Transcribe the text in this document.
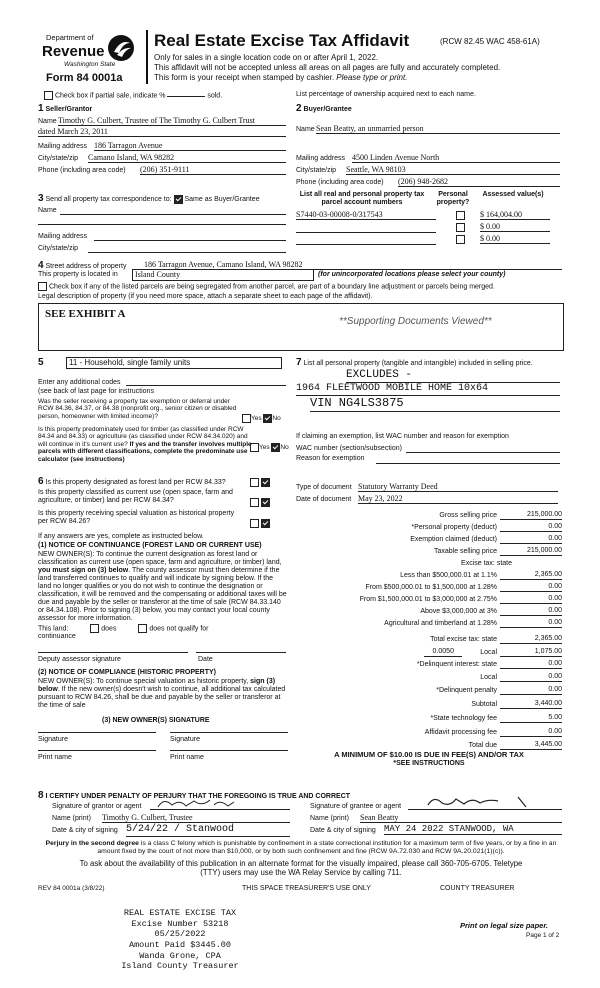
Department of
Revenue
Washington State
Form 84 0001a
Real Estate Excise Tax Affidavit	(RCW 82.45 WAC 458-61A)
Only for sales in a single location code on or after April 1, 2022.
This affidavit will not be accepted unless all areas on all pages are fully and accurately completed.
This form is your receipt when stamped by cashier. Please type or print.
Check box if partial sale, indicate %	sold.	List percentage of ownership acquired next to each name.
1 Seller/Grantor
Name Timothy G. Culbert, Trustee of The Timothy G. Culbert Trust
dated March 23, 2011
Mailing address 186 Tarragon Avenue
City/state/zip Camano Island, WA 98282
Phone (including area code) (206) 351-9111
2 Buyer/Grantee
Name Sean Beatty, an unmarried person
Mailing address 4500 Linden Avenue North
City/state/zip Seattle, WA 98103
Phone (including area code) (206) 948-2682
3 Send all property tax correspondence to: Same as Buyer/Grantee
Name
Mailing address
City/state/zip
List all real and personal property tax parcel account numbers
Personal property?
Assessed value(s)
S7440-03-00008-0/317543	$ 164,004.00
$ 0.00
$ 0.00
4 Street address of property	186 Tarragon Avenue, Camano Island, WA 98282
This property is located in	Island County	(for unincorporated locations please select your county)
Check box if any of the listed parcels are being segregated from another parcel, are part of a boundary line adjustment or parcels being merged.
Legal description of property (if you need more space, attach a separate sheet to each page of the affidavit).
SEE EXHIBIT A
**Supporting Documents Viewed**
5	11 - Household, single family units
Enter any additional codes
(see back of last page for instructions
Was the seller receiving a property tax exemption or deferral under RCW 84.36, 84.37, or 84.38 (nonprofit org., senior citizen or disabled person, homeowner with limited income)?	Yes No
Is this property predominately used for timber (as classified under RCW 84.34 and 84.33) or agriculture (as classified under RCW 84.34.020) and will continue in it's current use? If yes and the transfer involves multiple parcels with different classifications, complete the predominate use calculator (see instructions)
Yes No
7 List all personal property (tangible and intangible) included in selling price.
EXCLUDES -
1964 FLEETWOOD MOBILE HOME 10x64
VIN NG4LS3875
If claiming an exemption, list WAC number and reason for exemption
WAC number (section/subsection)
Reason for exemption
6 Is this property designated as forest land per RCW 84.33?

Is this property classified as current use (open space, farm and agriculture, or timber) land per RCW 84.34?

Is this property receiving special valuation as historical property per RCW 84.26?

If any answers are yes, complete as instructed below.
(1) NOTICE OF CONTINUANCE (FOREST LAND OR CURRENT USE)
NEW OWNER(S): To continue the current designation as forest land or classification as current use (open space, farm and agriculture, or timber) land, you must sign on (3) below. The county assessor must then determine if the land transferred continues to qualify and will indicate by signing below. If the land no longer qualifies or you do not wish to continue the designation or classification, it will be removed and the compensating or additional taxes will be due and payable by the seller or transferor at the time of sale (RCW 84.33.140 or 84.34.108). Prior to signing (3) below, you may contact your local county assessor for more information.
This land:	does	does not qualify for
continuance
Deputy assessor signature	Date
(2) NOTICE OF COMPLIANCE (HISTORIC PROPERTY)
NEW OWNER(S): To continue special valuation as historic property, sign (3) below. If the new owner(s) doesn't wish to continue, all additional tax calculated pursuant to RCW 84.26, shall be due and payable by the seller or transferor at the time of sale
(3) NEW OWNER(S) SIGNATURE
Signature	Signature
Print name	Print name
Type of document Statutory Warranty Deed
Date of document May 23, 2022
Gross selling price	215,000.00
*Personal property (deduct)	0.00
Exemption claimed (deduct)	0.00
Taxable selling price	215,000.00
Excise tax: state
Less than $500,000.01 at 1.1%	2,365.00
From $500,000.01 to $1,500,000 at 1.28%	0.00
From $1,500,000.01 to $3,000,000 at 2.75%	0.00
Above $3,000,000 at 3%	0.00
Agricultural and timberland at 1.28%	0.00
Total excise tax: state	2,365.00
0.0050	Local	1,075.00
*Delinquent interest: state	0.00
Local	0.00
*Delinquent penalty	0.00
Subtotal	3,440.00
*State technology fee	5.00
Affidavit processing fee	0.00
Total due	3,445.00
A MINIMUM OF $10.00 IS DUE IN FEE(S) AND/OR TAX
*SEE INSTRUCTIONS
8 I CERTIFY UNDER PENALTY OF PERJURY THAT THE FOREGOING IS TRUE AND CORRECT
Signature of grantor or agent
Name (print) Timothy G. Culbert, Trustee
Date & city of signing 5/24/22 / Stanwood
Signature of grantee or agent
Name (print) Sean Beatty
Date & city of signing MAY 24 2022 STANWOOD, WA
Perjury in the second degree is a class C felony which is punishable by confinement in a state correctional institution for a maximum term of five years, or by a fine in an amount fixed by the court of not more than $10,000, or by both such confinement and fine (RCW 9A.72.030 and RCW 9A.20.021(1)(c)).
To ask about the availability of this publication in an alternate format for the visually impaired, please call 360-705-6705. Teletype
(TTY) users may use the WA Relay Service by calling 711.
REV 84 0001a (3/8/22)	THIS SPACE TREASURER'S USE ONLY	COUNTY TREASURER
REAL ESTATE EXCISE TAX
Excise Number 53218
05/25/2022
Amount Paid $3445.00
Wanda Grone, CPA
Island County Treasurer
Print on legal size paper.
Page 1 of 2
